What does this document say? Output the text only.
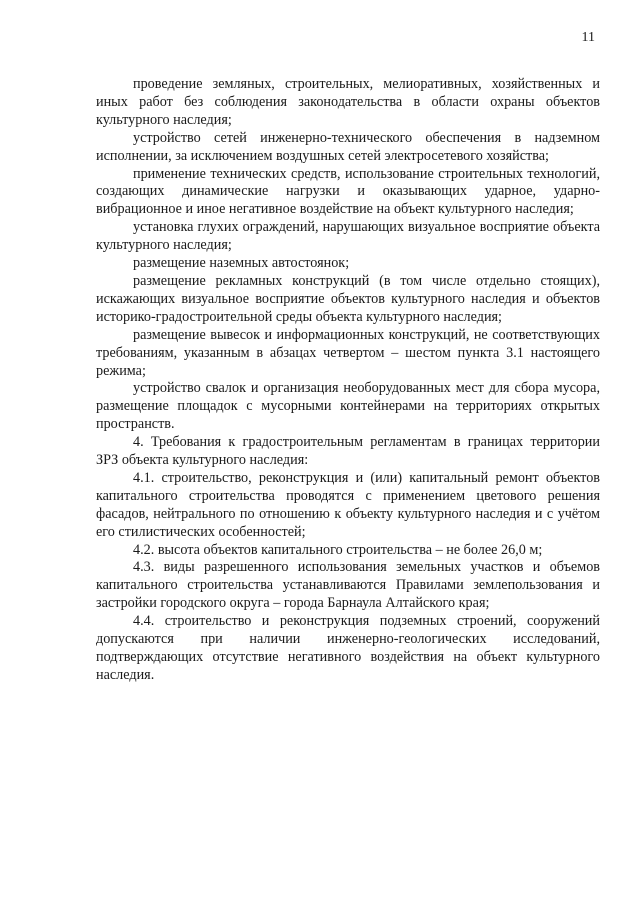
11

проведение земляных, строительных, мелиоративных, хозяйственных и иных работ без соблюдения законодательства в области охраны объектов культурного наследия;

устройство сетей инженерно-технического обеспечения в надземном исполнении, за исключением воздушных сетей электросетевого хозяйства;

применение технических средств, использование строительных технологий, создающих динамические нагрузки и оказывающих ударное, ударно-вибрационное и иное негативное воздействие на объект культурного наследия;

установка глухих ограждений, нарушающих визуальное восприятие объекта культурного наследия;

размещение наземных автостоянок;

размещение рекламных конструкций (в том числе отдельно стоящих), искажающих визуальное восприятие объектов культурного наследия и объектов историко-градостроительной среды объекта культурного наследия;

размещение вывесок и информационных конструкций, не соответствующих требованиям, указанным в абзацах четвертом – шестом пункта 3.1 настоящего режима;

устройство свалок и организация необорудованных мест для сбора мусора, размещение площадок с мусорными контейнерами на территориях открытых пространств.

4. Требования к градостроительным регламентам в границах территории ЗРЗ объекта культурного наследия:

4.1. строительство, реконструкция и (или) капитальный ремонт объектов капитального строительства проводятся с применением цветового решения фасадов, нейтрального по отношению к объекту культурного наследия и с учётом его стилистических особенностей;

4.2. высота объектов капитального строительства – не более 26,0 м;

4.3. виды разрешенного использования земельных участков и объемов капитального строительства устанавливаются Правилами землепользования и застройки городского округа – города Барнаула Алтайского края;

4.4. строительство и реконструкция подземных строений, сооружений допускаются при наличии инженерно-геологических исследований, подтверждающих отсутствие негативного воздействия на объект культурного наследия.
